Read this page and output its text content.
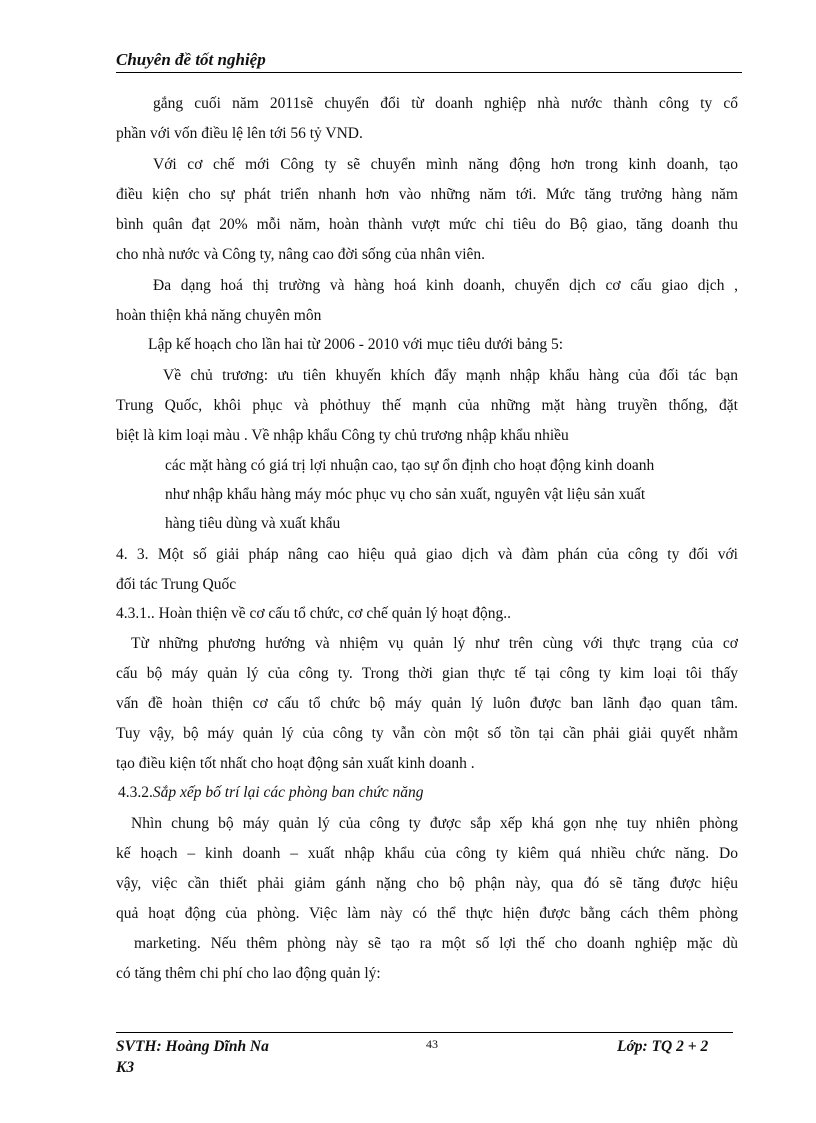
Chuyên đề tốt nghiệp
gắng cuối năm 2011sẽ chuyển đổi từ doanh nghiệp nhà nước thành công ty cổ
phần với vốn điều lệ lên tới 56 tỷ VND.
Với cơ chế mới Công ty sẽ chuyển mình năng động hơn trong kinh doanh, tạo
điều kiện cho sự phát triển nhanh hơn vào những năm tới. Mức tăng trưởng hàng năm
bình quân đạt 20% mỗi năm, hoàn thành vượt mức chỉ tiêu do Bộ giao, tăng doanh thu
cho nhà nước và Công ty, nâng cao đời sống của nhân viên.
Đa dạng hoá thị trường và hàng hoá kinh doanh, chuyển dịch cơ cấu giao dịch ,
hoàn thiện khả năng chuyên môn
Lập kế hoạch cho lần hai từ 2006 - 2010 với mục tiêu dưới bảng 5:
Về chủ trương: ưu tiên khuyến khích đẩy mạnh nhập khẩu hàng của đối tác bạn
Trung Quốc, khôi phục và phỏthuy thế mạnh của những mặt hàng truyền thống, đặt
biệt là kim loại màu . Về nhập khẩu Công ty chủ trương nhập khẩu nhiều
các mặt hàng có giá trị lợi nhuận cao, tạo sự ổn định cho hoạt động kinh doanh
như nhập khẩu hàng máy móc phục vụ cho sản xuất, nguyên vật liệu sản xuất
hàng tiêu dùng và xuất khẩu
4. 3. Một số giải pháp nâng cao hiệu quả giao dịch và đàm phán của công ty đối với
đối tác Trung Quốc
4.3.1.. Hoàn thiện về cơ cấu tổ chức, cơ chế quản lý hoạt động..
Từ những phương hướng và nhiệm vụ quản lý như trên cùng với thực trạng của cơ
cấu bộ máy quản lý của công ty. Trong thời gian thực tế tại công ty kim loại tôi thấy
vấn đề hoàn thiện cơ cấu tổ chức bộ máy quản lý luôn được ban lãnh đạo quan tâm.
Tuy vậy, bộ máy quản lý của công ty vẫn còn một số tồn tại cần phải giải quyết nhằm
tạo điều kiện tốt nhất cho hoạt động sản xuất kinh doanh .
4.3.2.Sắp xếp bố trí lại các phòng ban chức năng
Nhìn chung bộ máy quản lý của công ty được sắp xếp khá gọn nhẹ tuy nhiên phòng
kế hoạch – kinh doanh – xuất nhập khẩu của công ty kiêm quá nhiều chức năng. Do
vậy, việc cần thiết phải giảm gánh nặng cho bộ phận này, qua đó sẽ tăng được hiệu
quả hoạt động của phòng. Việc làm này có thể thực hiện được bằng cách thêm phòng
marketing. Nếu thêm phòng này sẽ tạo ra một số lợi thế cho doanh nghiệp mặc dù
có tăng thêm chi phí cho lao động quản lý:
SVTH: Hoàng Dĩnh Na
K3
43	Lớp: TQ 2 + 2
